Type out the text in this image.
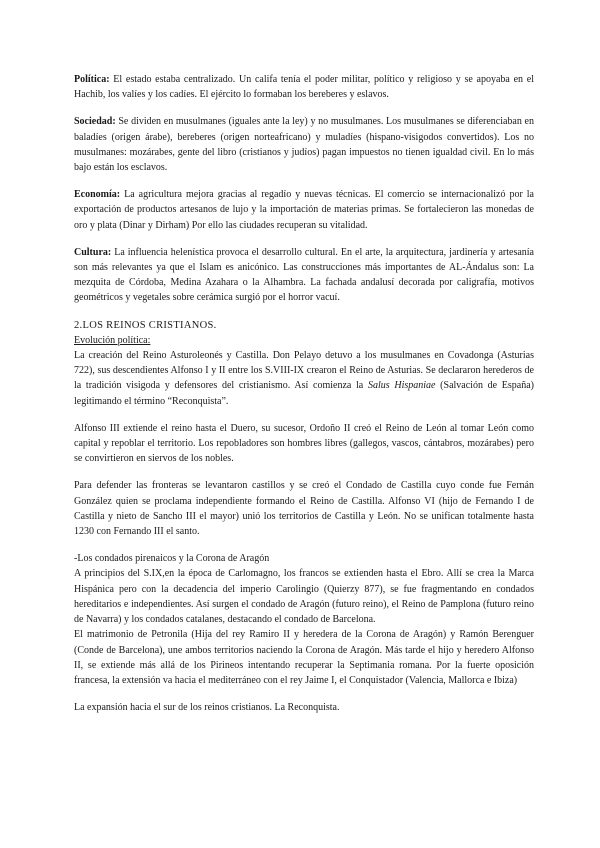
Política: El estado estaba centralizado. Un califa tenía el poder militar, político y religioso y se apoyaba en el Hachib, los valíes y los cadíes. El ejército lo formaban los bereberes y eslavos.

Sociedad: Se dividen en musulmanes (iguales ante la ley) y no musulmanes. Los musulmanes se diferenciaban en baladíes (origen árabe), bereberes (origen norteafricano) y muladíes (hispano-visigodos convertidos). Los no musulmanes: mozárabes, gente del libro (cristianos y judíos) pagan impuestos no tienen igualdad civil. En lo más bajo están los esclavos.

Economía: La agricultura mejora gracias al regadío y nuevas técnicas. El comercio se internacionalizó por la exportación de productos artesanos de lujo y la importación de materias primas. Se fortalecieron las monedas de oro y plata (Dinar y Dirham) Por ello las ciudades recuperan su vitalidad.

Cultura: La influencia helenística provoca el desarrollo cultural. En el arte, la arquitectura, jardinería y artesanía son más relevantes ya que el Islam es anicónico. Las construcciones más importantes de AL-Ándalus son: La mezquita de Córdoba, Medina Azahara o la Alhambra. La fachada andalusí decorada por caligrafía, motivos geométricos y vegetales sobre cerámica surgió por el horror vacuí.

2.LOS REINOS CRISTIANOS.

Evolución política:

La creación del Reino Asturoleonés y Castilla. Don Pelayo detuvo a los musulmanes en Covadonga (Asturias 722), sus descendientes Alfonso I y II entre los S.VIII-IX crearon el Reino de Asturias. Se declararon herederos de la tradición visigoda y defensores del cristianismo. Así comienza la Salus Hispaniae (Salvación de España) legitimando el término “Reconquista”.

Alfonso III extiende el reino hasta el Duero, su sucesor, Ordoño II creó el Reino de León al tomar León como capital y repoblar el territorio. Los repobladores son hombres libres (gallegos, vascos, cántabros, mozárabes) pero se convirtieron en siervos de los nobles.

Para defender las fronteras se levantaron castillos y se creó el Condado de Castilla cuyo conde fue Fernán González quien se proclama independiente formando el Reino de Castilla. Alfonso VI (hijo de Fernando I de Castilla y nieto de Sancho III el mayor) unió los territorios de Castilla y León. No se unifican totalmente hasta 1230 con Fernando III el santo.

-Los condados pirenaicos y la Corona de Aragón

A principios del S.IX,en la época de Carlomagno, los francos se extienden hasta el Ebro. Allí se crea la Marca Hispánica pero con la decadencia del imperio Carolingio (Quierzy 877), se fue fragmentando en condados hereditarios e independientes. Así surgen el condado de Aragón (futuro reino), el Reino de Pamplona (futuro reino de Navarra) y los condados catalanes, destacando el condado de Barcelona.

El matrimonio de Petronila (Hija del rey Ramiro II y heredera de la Corona de Aragón) y Ramón Berenguer (Conde de Barcelona), une ambos territorios naciendo la Corona de Aragón. Más tarde el hijo y heredero Alfonso II, se extiende más allá de los Pirineos intentando recuperar la Septimania romana. Por la fuerte oposición francesa, la extensión va hacia el mediterráneo con el rey Jaime I, el Conquistador (Valencia, Mallorca e Ibiza)

La expansión hacia el sur de los reinos cristianos. La Reconquista.
